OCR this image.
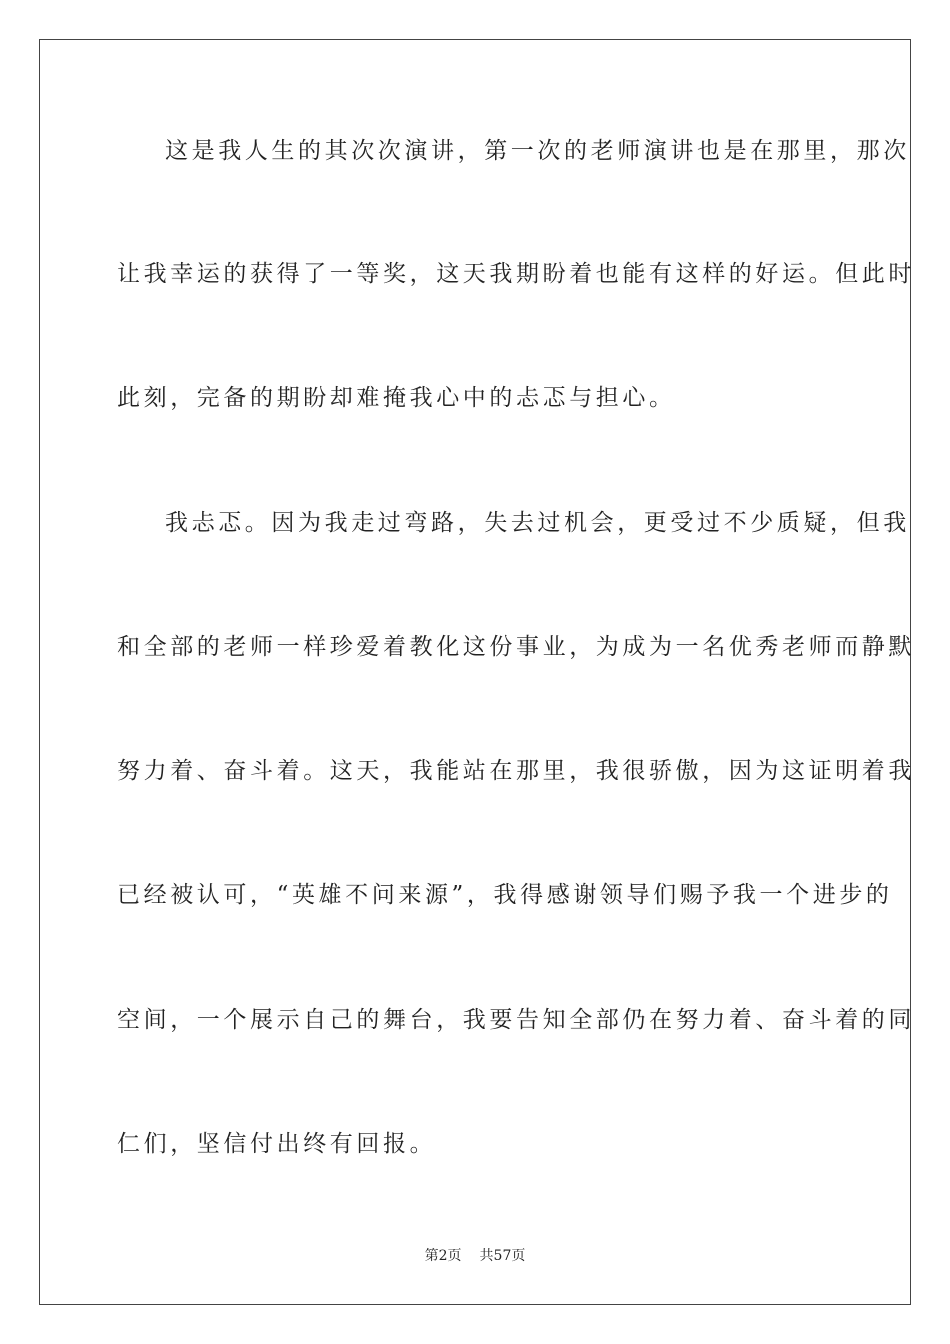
这是我人生的其次次演讲，第一次的老师演讲也是在那里，那次
让我幸运的获得了一等奖，这天我期盼着也能有这样的好运。但此时
此刻，完备的期盼却难掩我心中的忐忑与担心。
我忐忑。因为我走过弯路，失去过机会，更受过不少质疑，但我
和全部的老师一样珍爱着教化这份事业，为成为一名优秀老师而静默
努力着、奋斗着。这天，我能站在那里，我很骄傲，因为这证明着我
已经被认可，“英雄不问来源”，我得感谢领导们赐予我一个进步的
空间，一个展示自己的舞台，我要告知全部仍在努力着、奋斗着的同
仁们，坚信付出终有回报。
第2页 共57页
